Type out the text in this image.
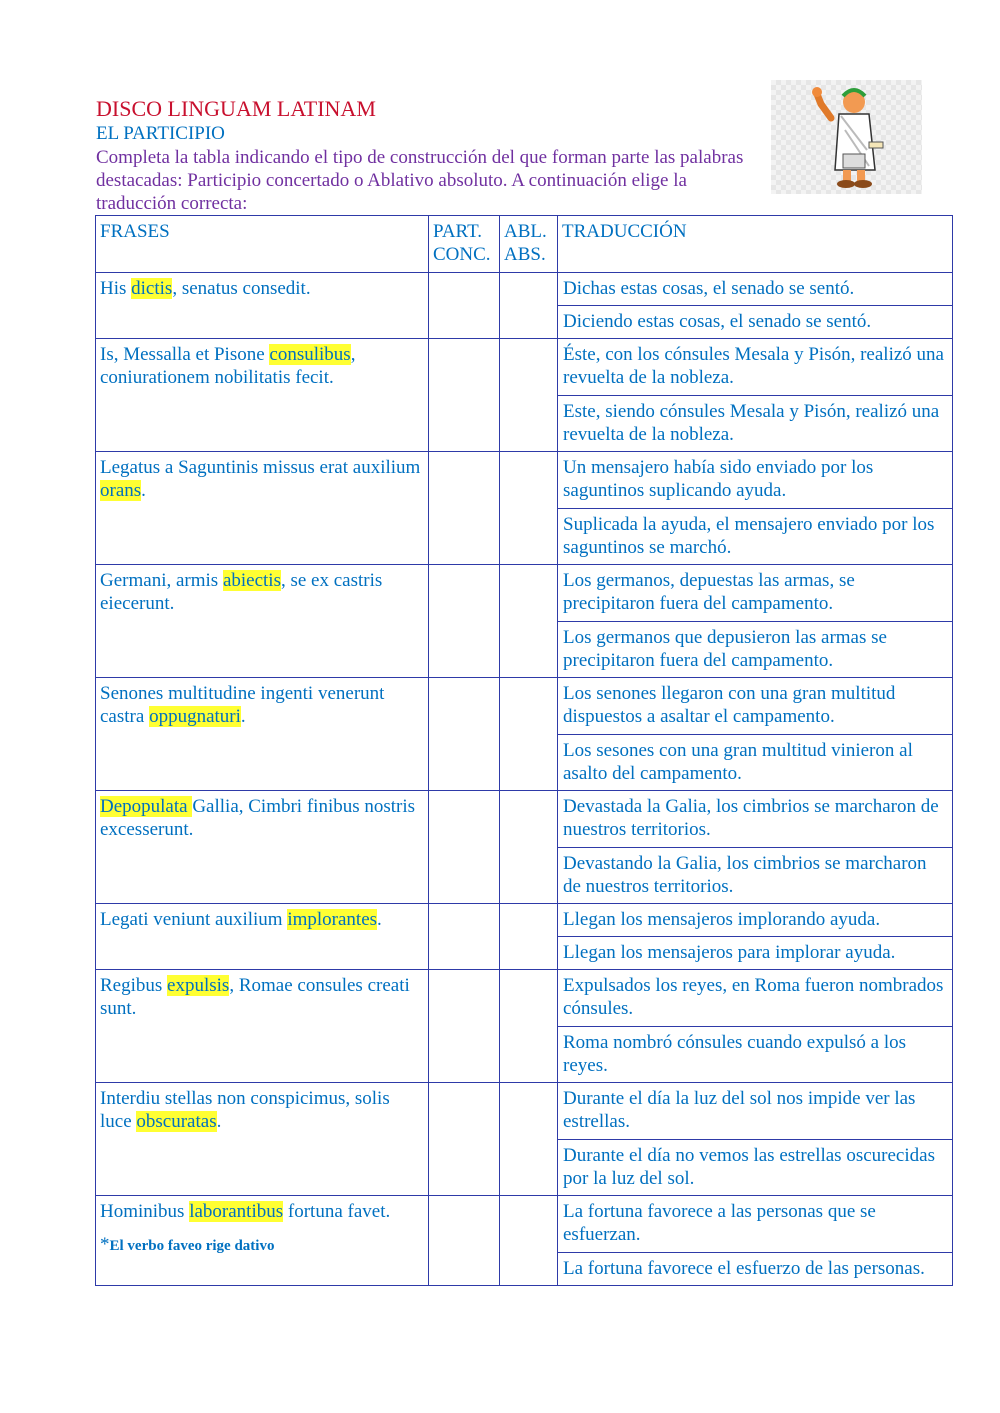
DISCO LINGUAM LATINAM
EL PARTICIPIO
Completa la tabla indicando el tipo de construcción del que forman parte las palabras destacadas: Participio concertado o Ablativo absoluto. A continuación elige la traducción correcta:
FRASES	PART. CONC.	ABL. ABS.	TRADUCCIÓN
His dictis, senatus consedit.			Dichas estas cosas, el senado se sentó.
			Diciendo estas cosas, el senado se sentó.
Is, Messalla et Pisone consulibus, coniurationem nobilitatis fecit.			Éste, con los cónsules Mesala y Pisón, realizó una revuelta de la nobleza.
			Este, siendo cónsules Mesala y Pisón, realizó una revuelta de la nobleza.
Legatus a Saguntinis missus erat auxilium orans.			Un mensajero había sido enviado por los saguntinos suplicando ayuda.
			Suplicada la ayuda, el mensajero enviado por los saguntinos se marchó.
Germani, armis abiectis, se ex castris eiecerunt.			Los germanos, depuestas las armas, se precipitaron fuera del campamento.
			Los germanos que depusieron las armas se precipitaron fuera del campamento.
Senones multitudine ingenti venerunt castra oppugnaturi.			Los senones llegaron con una gran multitud dispuestos a asaltar el campamento.
			Los sesones con una gran multitud vinieron al asalto del campamento.
Depopulata Gallia, Cimbri finibus nostris excesserunt.			Devastada la Galia, los cimbrios se marcharon de nuestros territorios.
			Devastando la Galia, los cimbrios se marcharon de nuestros territorios.
Legati veniunt auxilium implorantes.			Llegan los mensajeros implorando ayuda.
			Llegan los mensajeros para implorar ayuda.
Regibus expulsis, Romae consules creati sunt.			Expulsados los reyes, en Roma fueron nombrados cónsules.
			Roma nombró cónsules cuando expulsó a los reyes.
Interdiu stellas non conspicimus, solis luce obscuratas.			Durante el día la luz del sol nos impide ver las estrellas.
			Durante el día no vemos las estrellas oscurecidas por la luz del sol.
Hominibus laborantibus fortuna favet.
*El verbo faveo rige dativo			La fortuna favorece a las personas que se esfuerzan.
			La fortuna favorece el esfuerzo de las personas.
